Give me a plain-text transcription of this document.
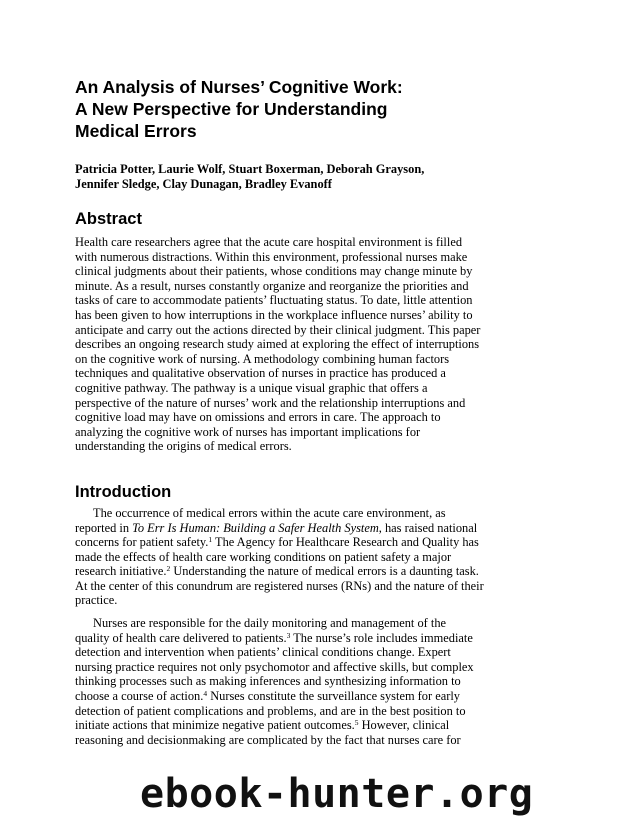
An Analysis of Nurses’ Cognitive Work:
A New Perspective for Understanding
Medical Errors

Patricia Potter, Laurie Wolf, Stuart Boxerman, Deborah Grayson,
Jennifer Sledge, Clay Dunagan, Bradley Evanoff

Abstract

Health care researchers agree that the acute care hospital environment is filled
with numerous distractions. Within this environment, professional nurses make
clinical judgments about their patients, whose conditions may change minute by
minute. As a result, nurses constantly organize and reorganize the priorities and
tasks of care to accommodate patients’ fluctuating status. To date, little attention
has been given to how interruptions in the workplace influence nurses’ ability to
anticipate and carry out the actions directed by their clinical judgment. This paper
describes an ongoing research study aimed at exploring the effect of interruptions
on the cognitive work of nursing. A methodology combining human factors
techniques and qualitative observation of nurses in practice has produced a
cognitive pathway. The pathway is a unique visual graphic that offers a
perspective of the nature of nurses’ work and the relationship interruptions and
cognitive load may have on omissions and errors in care. The approach to
analyzing the cognitive work of nurses has important implications for
understanding the origins of medical errors.

Introduction

The occurrence of medical errors within the acute care environment, as
reported in To Err Is Human: Building a Safer Health System, has raised national
concerns for patient safety.$^1$ The Agency for Healthcare Research and Quality has
made the effects of health care working conditions on patient safety a major
research initiative.$^2$ Understanding the nature of medical errors is a daunting task.
At the center of this conundrum are registered nurses (RNs) and the nature of their
practice.

Nurses are responsible for the daily monitoring and management of the
quality of health care delivered to patients.$^3$ The nurse’s role includes immediate
detection and intervention when patients’ clinical conditions change. Expert
nursing practice requires not only psychomotor and affective skills, but complex
thinking processes such as making inferences and synthesizing information to
choose a course of action.$^4$ Nurses constitute the surveillance system for early
detection of patient complications and problems, and are in the best position to
initiate actions that minimize negative patient outcomes.$^5$ However, clinical
reasoning and decisionmaking are complicated by the fact that nurses care for

ebook-hunter.org
